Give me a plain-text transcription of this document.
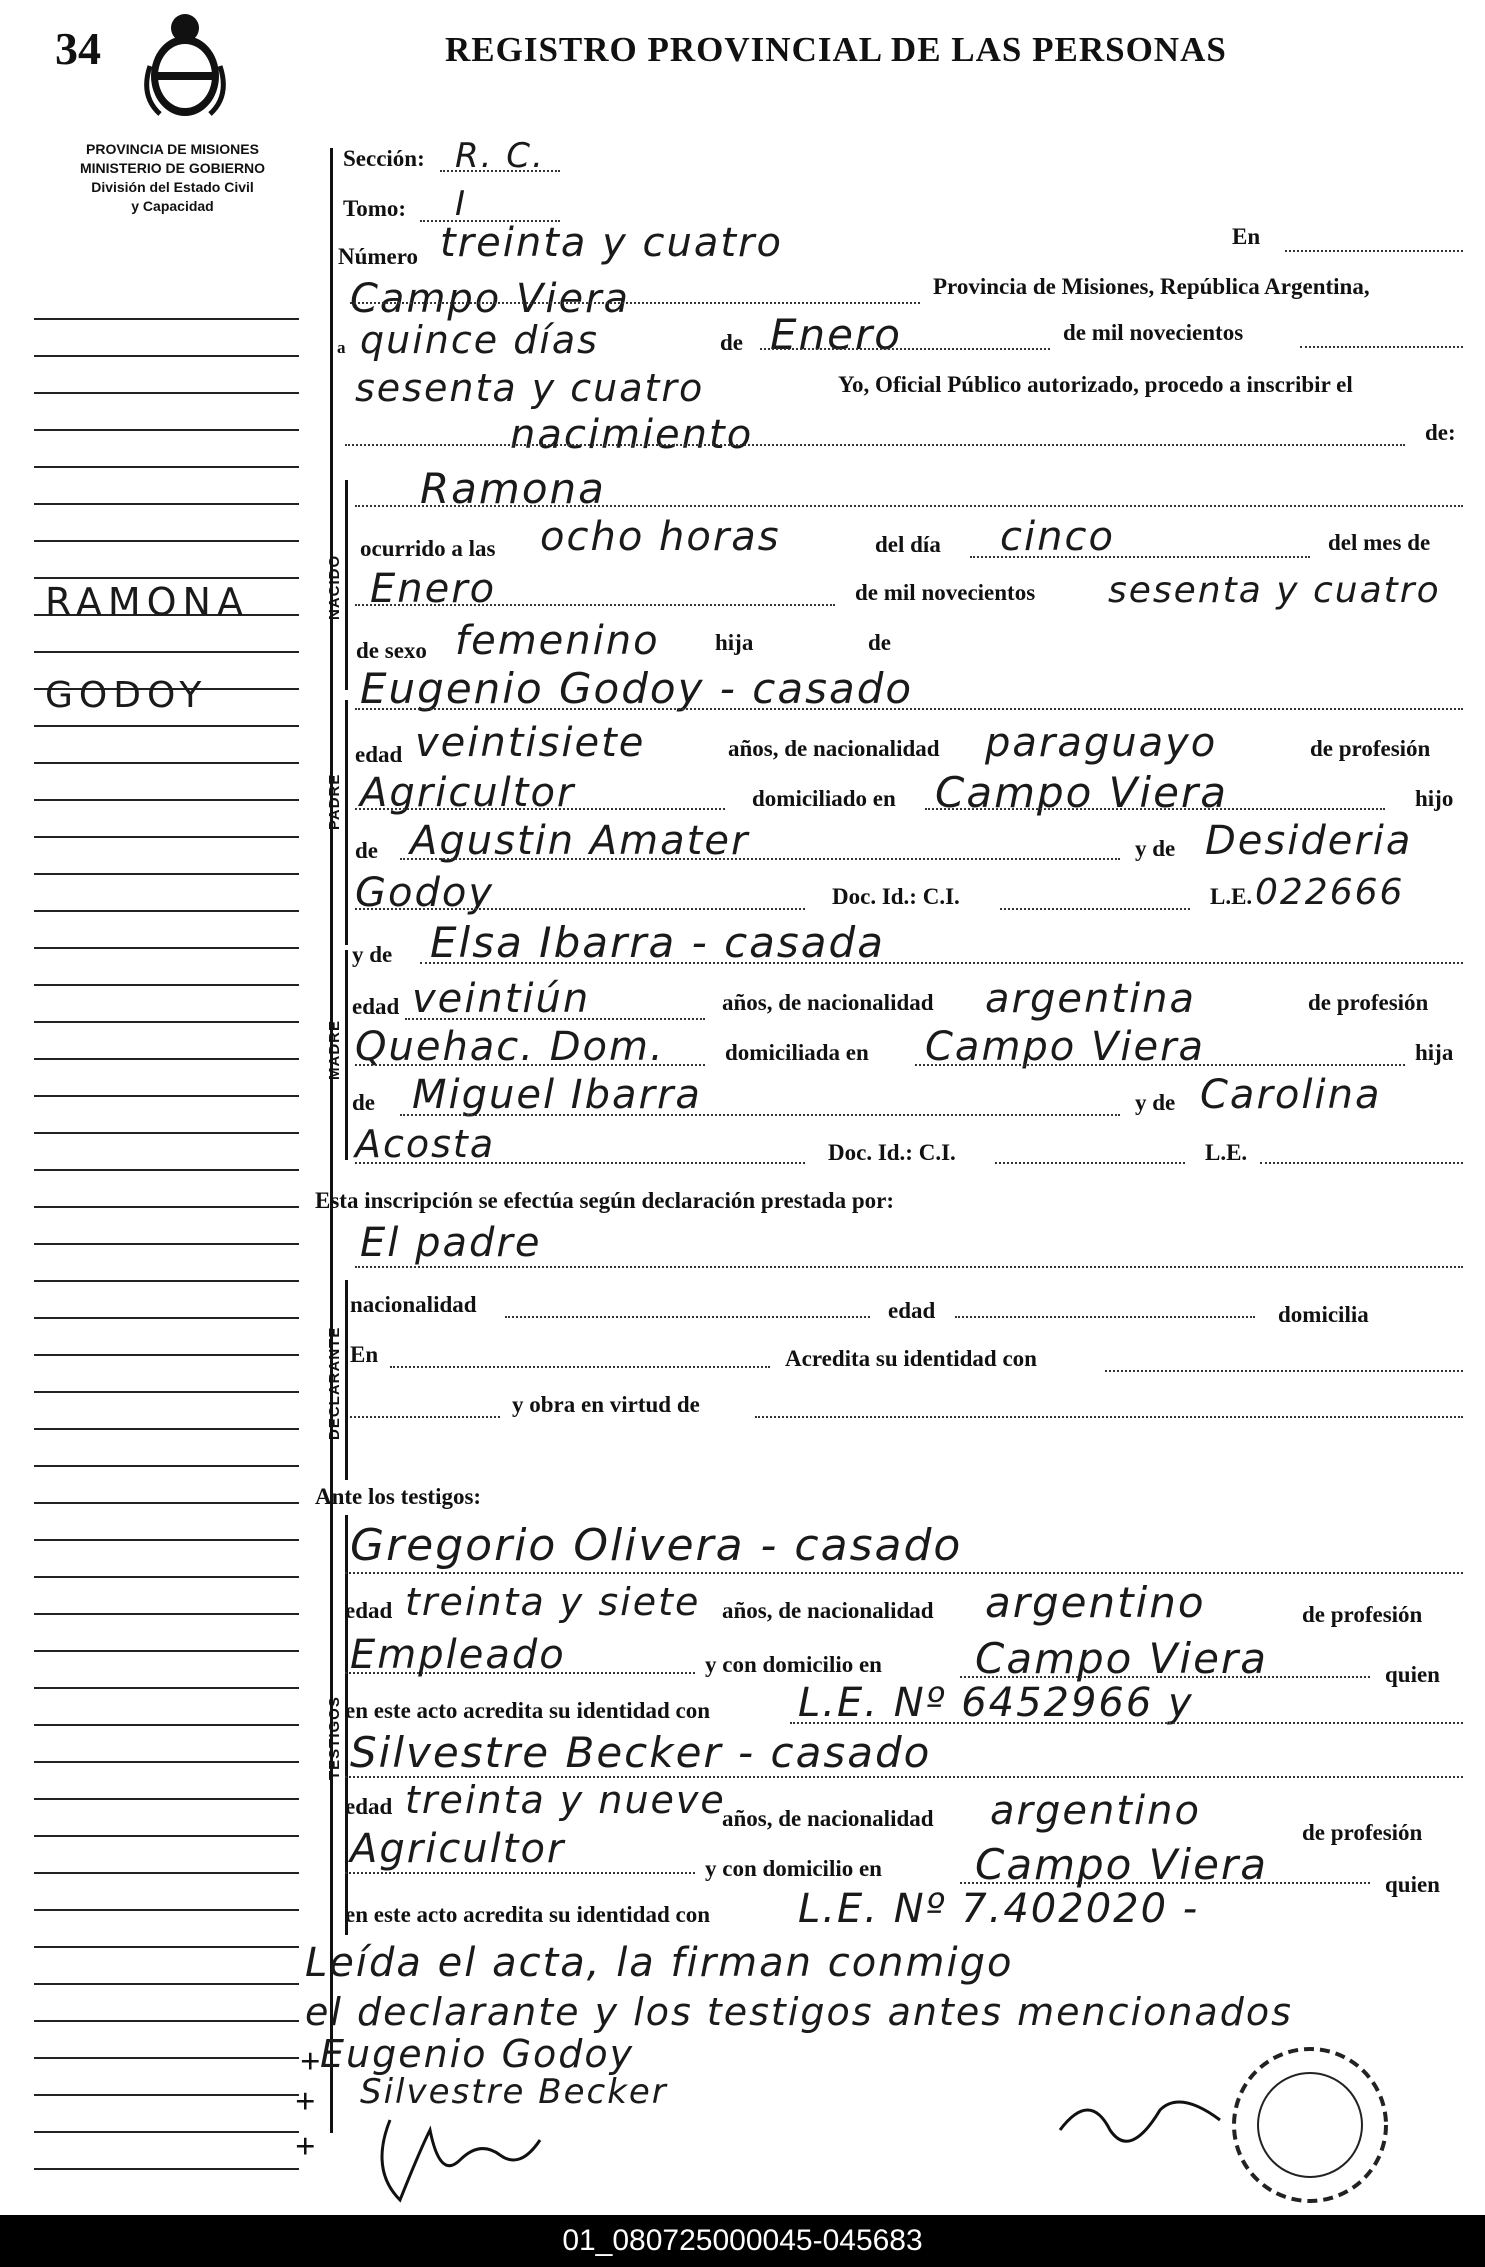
34	REGISTRO PROVINCIAL DE LAS PERSONAS
PROVINCIA DE MISIONES
MINISTERIO DE GOBIERNO
División del Estado Civil
y Capacidad
RAMONA
GODOY
NACIDO
PADRE
MADRE
DECLARANTE
TESTIGOS
Sección: R. C.
Tomo: I
Número treinta y cuatro	En
Campo Viera	Provincia de Misiones, República Argentina,
a quince días	de Enero	de mil novecientos
sesenta y cuatro	Yo, Oficial Público autorizado, procedo a inscribir el
nacimiento	de:
Ramona
ocurrido a las ocho horas	del día cinco	del mes de
Enero	de mil novecientos sesenta y cuatro
de sexo femenino hija	de
Eugenio Godoy - casado
edad veintisiete	años, de nacionalidad paraguayo	de profesión
Agricultor	domiciliado en Campo Viera	hijo
de Agustin Amater	y de Desideria
Godoy	Doc. Id.: C.I.	L.E. 022666
y de Elsa Ibarra - casada
edad veintiún	años, de nacionalidad argentina	de profesión
Quehac. Dom.	domiciliada en Campo Viera	hija
de Miguel Ibarra	y de Carolina
Acosta	Doc. Id.: C.I.	L.E.
Esta inscripción se efectúa según declaración prestada por:
El padre
nacionalidad	edad	domicilia
En	Acredita su identidad con
y obra en virtud de
Ante los testigos:
Gregorio Olivera - casado
edad treinta y siete años, de nacionalidad argentino	de profesión
Empleado	y con domicilio en Campo Viera	quien
en este acto acredita su identidad con L.E. Nº 6452966 y
Silvestre Becker - casado
edad treinta y nueve
años, de nacionalidad argentino	de profesión
Agricultor	y con domicilio en Campo Viera	quien
en este acto acredita su identidad con L.E. Nº 7.402020 -
Leída el acta, la firman conmigo
el declarante y los testigos antes mencionados
Eugenio Godoy
Silvestre Becker
+
+
+
01_080725000045-045683
